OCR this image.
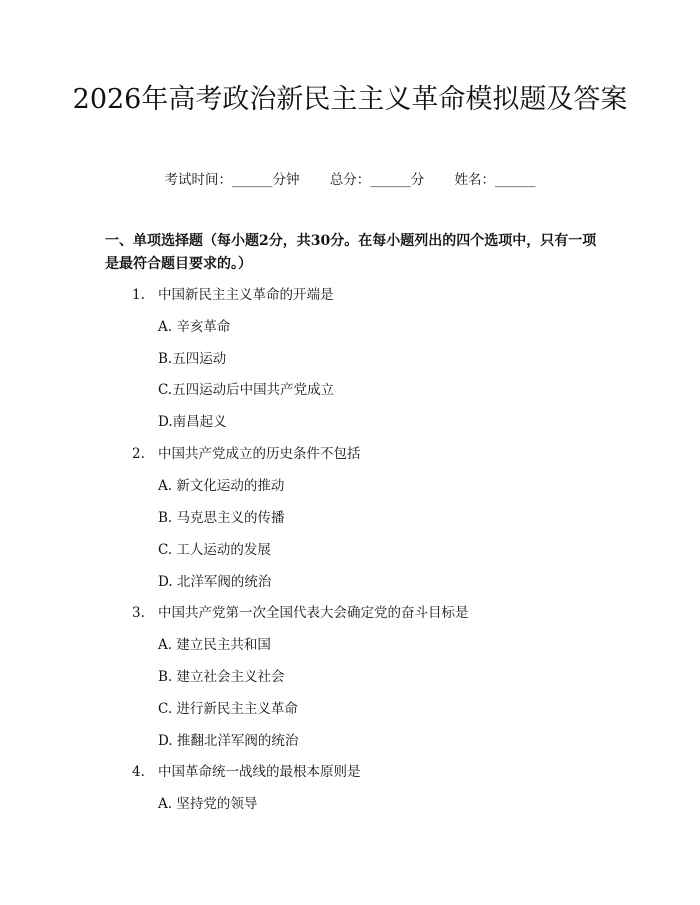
2026年高考政治新民主主义革命模拟题及答案
考试时间：______分钟 总分：______分 姓名：______
一、单项选择题（每小题2分，共30分。在每小题列出的四个选项中，只有一项是最符合题目要求的。）
1. 中国新民主主义革命的开端是
A. 辛亥革命
B.五四运动
C.五四运动后中国共产党成立
D.南昌起义
2. 中国共产党成立的历史条件不包括
A. 新文化运动的推动
B. 马克思主义的传播
C. 工人运动的发展
D. 北洋军阀的统治
3. 中国共产党第一次全国代表大会确定党的奋斗目标是
A. 建立民主共和国
B. 建立社会主义社会
C. 进行新民主主义革命
D. 推翻北洋军阀的统治
4. 中国革命统一战线的最根本原则是
A. 坚持党的领导
